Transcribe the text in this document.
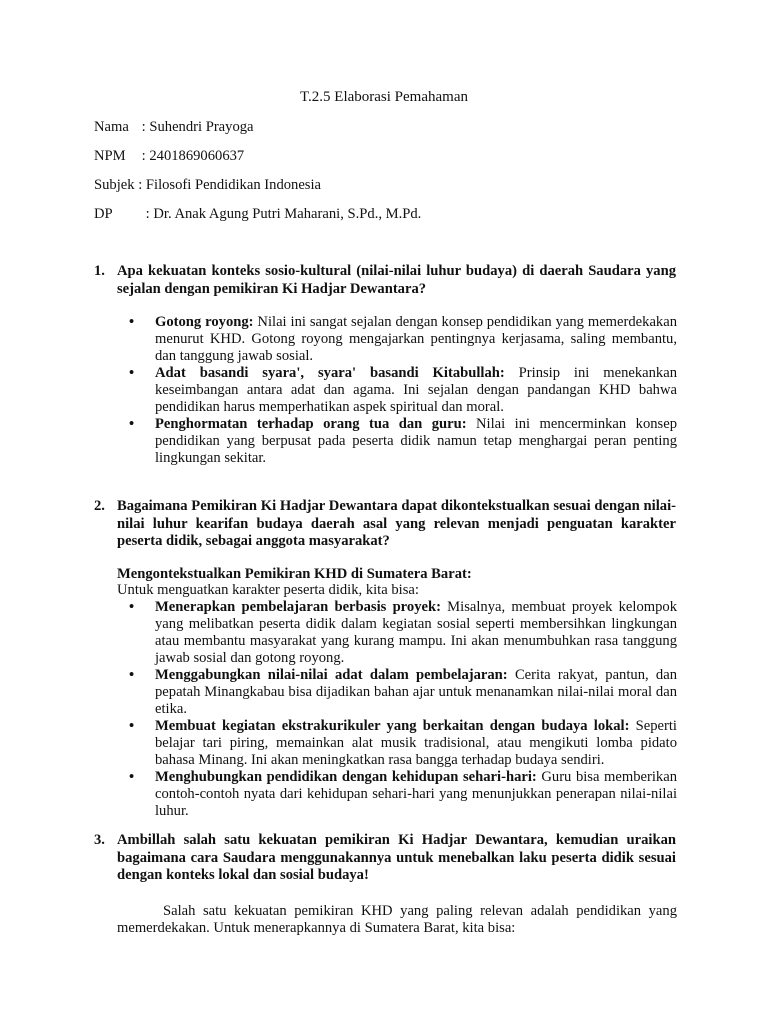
T.2.5 Elaborasi Pemahaman
Nama : Suhendri Prayoga
NPM : 2401869060637
Subjek : Filosofi Pendidikan Indonesia
DP : Dr. Anak Agung Putri Maharani, S.Pd., M.Pd.
1. Apa kekuatan konteks sosio-kultural (nilai-nilai luhur budaya) di daerah Saudara yang sejalan dengan pemikiran Ki Hadjar Dewantara?
• Gotong royong: Nilai ini sangat sejalan dengan konsep pendidikan yang memerdekakan menurut KHD. Gotong royong mengajarkan pentingnya kerjasama, saling membantu, dan tanggung jawab sosial.
• Adat basandi syara', syara' basandi Kitabullah: Prinsip ini menekankan keseimbangan antara adat dan agama. Ini sejalan dengan pandangan KHD bahwa pendidikan harus memperhatikan aspek spiritual dan moral.
• Penghormatan terhadap orang tua dan guru: Nilai ini mencerminkan konsep pendidikan yang berpusat pada peserta didik namun tetap menghargai peran penting lingkungan sekitar.
2. Bagaimana Pemikiran Ki Hadjar Dewantara dapat dikontekstualkan sesuai dengan nilai-nilai luhur kearifan budaya daerah asal yang relevan menjadi penguatan karakter peserta didik, sebagai anggota masyarakat?
Mengontekstualkan Pemikiran KHD di Sumatera Barat:
Untuk menguatkan karakter peserta didik, kita bisa:
• Menerapkan pembelajaran berbasis proyek: Misalnya, membuat proyek kelompok yang melibatkan peserta didik dalam kegiatan sosial seperti membersihkan lingkungan atau membantu masyarakat yang kurang mampu. Ini akan menumbuhkan rasa tanggung jawab sosial dan gotong royong.
• Menggabungkan nilai-nilai adat dalam pembelajaran: Cerita rakyat, pantun, dan pepatah Minangkabau bisa dijadikan bahan ajar untuk menanamkan nilai-nilai moral dan etika.
• Membuat kegiatan ekstrakurikuler yang berkaitan dengan budaya lokal: Seperti belajar tari piring, memainkan alat musik tradisional, atau mengikuti lomba pidato bahasa Minang. Ini akan meningkatkan rasa bangga terhadap budaya sendiri.
• Menghubungkan pendidikan dengan kehidupan sehari-hari: Guru bisa memberikan contoh-contoh nyata dari kehidupan sehari-hari yang menunjukkan penerapan nilai-nilai luhur.
3. Ambillah salah satu kekuatan pemikiran Ki Hadjar Dewantara, kemudian uraikan bagaimana cara Saudara menggunakannya untuk menebalkan laku peserta didik sesuai dengan konteks lokal dan sosial budaya!

Salah satu kekuatan pemikiran KHD yang paling relevan adalah pendidikan yang memerdekakan. Untuk menerapkannya di Sumatera Barat, kita bisa:
